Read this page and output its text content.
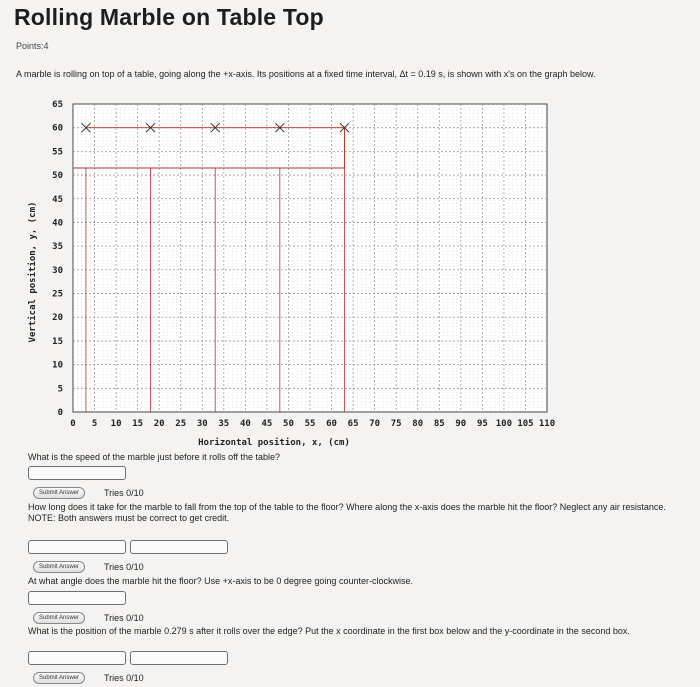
Rolling Marble on Table Top
Points:4
A marble is rolling on top of a table, going along the +x-axis. Its positions at a fixed time interval, Δt = 0.19 s, is shown with x's on the graph below.
0
5
10
15
20
25
30
35
40
45
50
55
60
65
0 5 10 15 20 25 30 35 40 45 50 55 60 65 70 75 80 85 90 95 100 105 110
Horizontal position, x, (cm)
Vertical position, y, (cm)
What is the speed of the marble just before it rolls off the table?
Submit Answer	Tries 0/10
How long does it take for the marble to fall from the top of the table to the floor? Where along the x-axis does the marble hit the floor? Neglect any air resistance.
NOTE: Both answers must be correct to get credit.
Submit Answer	Tries 0/10
At what angle does the marble hit the floor? Use +x-axis to be 0 degree going counter-clockwise.
Submit Answer	Tries 0/10
What is the position of the marble 0.279 s after it rolls over the edge? Put the x coordinate in the first box below and the y-coordinate in the second box.
Submit Answer	Tries 0/10
